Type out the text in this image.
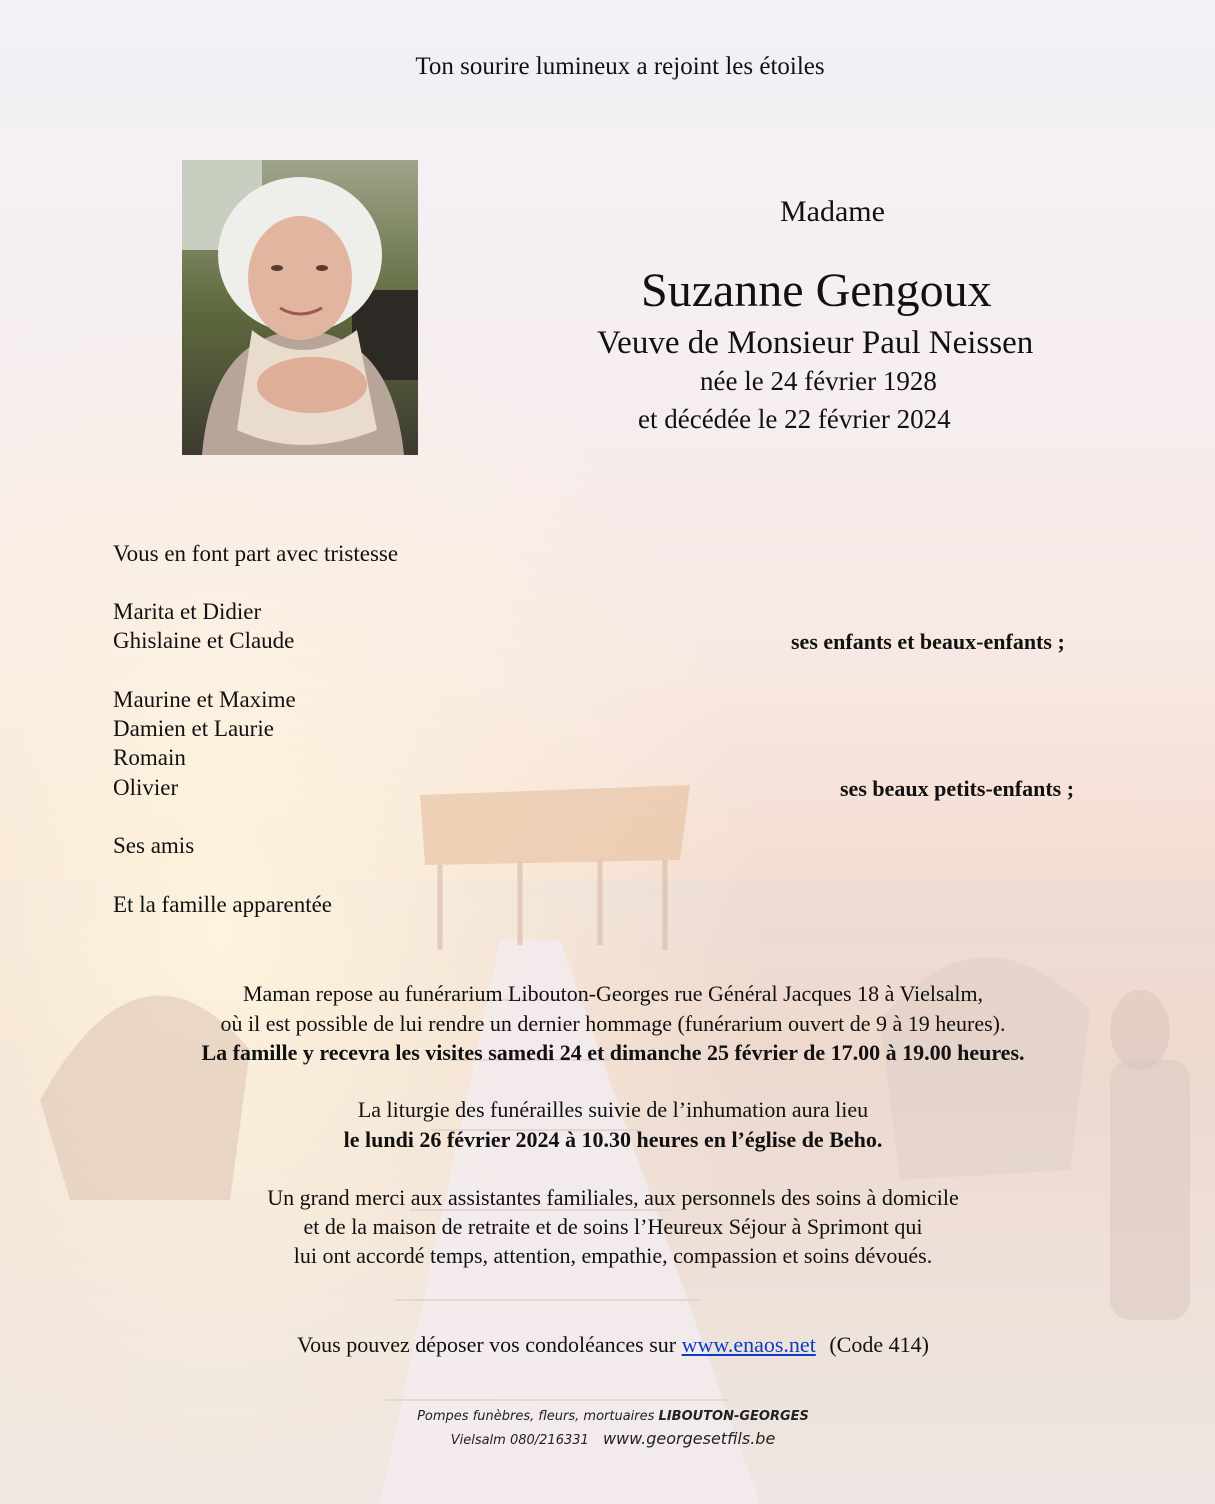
Ton sourire lumineux a rejoint les étoiles
Madame
Suzanne Gengoux
Veuve de Monsieur Paul Neissen
née le 24 février 1928
et décédée le 22 février 2024
Vous en font part avec tristesse
Marita et Didier
Ghislaine et Claude	ses enfants et beaux-enfants ;
Maurine et Maxime
Damien et Laurie
Romain
Olivier	ses beaux petits-enfants ;
Ses amis
Et la famille apparentée
Maman repose au funérarium Libouton-Georges rue Général Jacques 18 à Vielsalm,
où il est possible de lui rendre un dernier hommage (funérarium ouvert de 9 à 19 heures).
La famille y recevra les visites samedi 24 et dimanche 25 février de 17.00 à 19.00 heures.
La liturgie des funérailles suivie de l’inhumation aura lieu
le lundi 26 février 2024 à 10.30 heures en l’église de Beho.
Un grand merci aux assistantes familiales, aux personnels des soins à domicile
et de la maison de retraite et de soins l’Heureux Séjour à Sprimont qui
lui ont accordé temps, attention, empathie, compassion et soins dévoués.
Vous pouvez déposer vos condoléances sur www.enaos.net (Code 414)
Pompes funèbres, fleurs, mortuaires LIBOUTON-GEORGES
Vielsalm 080/216331 www.georgesetfils.be
